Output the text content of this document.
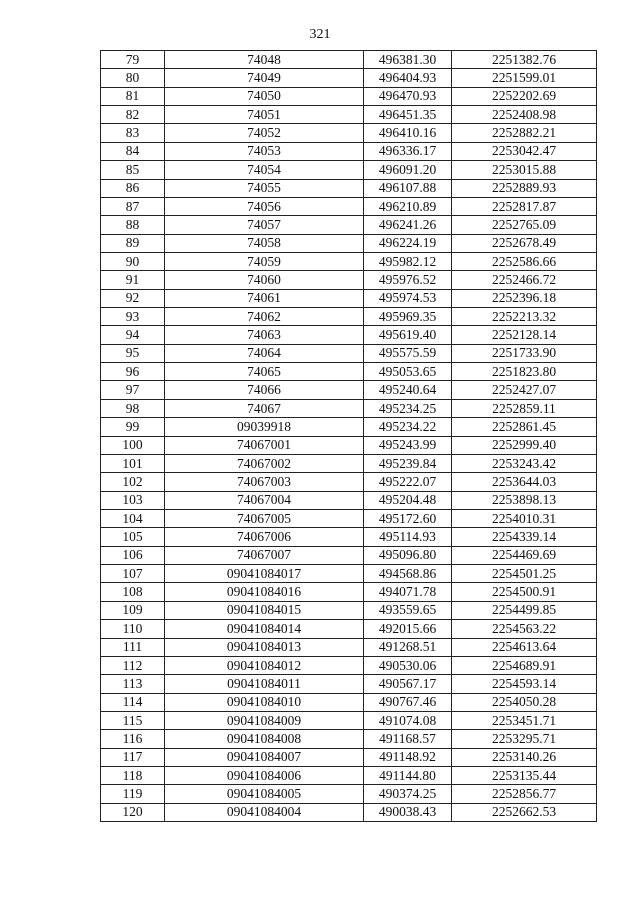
321
79	74048	496381.30	2251382.76
80	74049	496404.93	2251599.01
81	74050	496470.93	2252202.69
82	74051	496451.35	2252408.98
83	74052	496410.16	2252882.21
84	74053	496336.17	2253042.47
85	74054	496091.20	2253015.88
86	74055	496107.88	2252889.93
87	74056	496210.89	2252817.87
88	74057	496241.26	2252765.09
89	74058	496224.19	2252678.49
90	74059	495982.12	2252586.66
91	74060	495976.52	2252466.72
92	74061	495974.53	2252396.18
93	74062	495969.35	2252213.32
94	74063	495619.40	2252128.14
95	74064	495575.59	2251733.90
96	74065	495053.65	2251823.80
97	74066	495240.64	2252427.07
98	74067	495234.25	2252859.11
99	09039918	495234.22	2252861.45
100	74067001	495243.99	2252999.40
101	74067002	495239.84	2253243.42
102	74067003	495222.07	2253644.03
103	74067004	495204.48	2253898.13
104	74067005	495172.60	2254010.31
105	74067006	495114.93	2254339.14
106	74067007	495096.80	2254469.69
107	09041084017	494568.86	2254501.25
108	09041084016	494071.78	2254500.91
109	09041084015	493559.65	2254499.85
110	09041084014	492015.66	2254563.22
111	09041084013	491268.51	2254613.64
112	09041084012	490530.06	2254689.91
113	09041084011	490567.17	2254593.14
114	09041084010	490767.46	2254050.28
115	09041084009	491074.08	2253451.71
116	09041084008	491168.57	2253295.71
117	09041084007	491148.92	2253140.26
118	09041084006	491144.80	2253135.44
119	09041084005	490374.25	2252856.77
120	09041084004	490038.43	2252662.53
